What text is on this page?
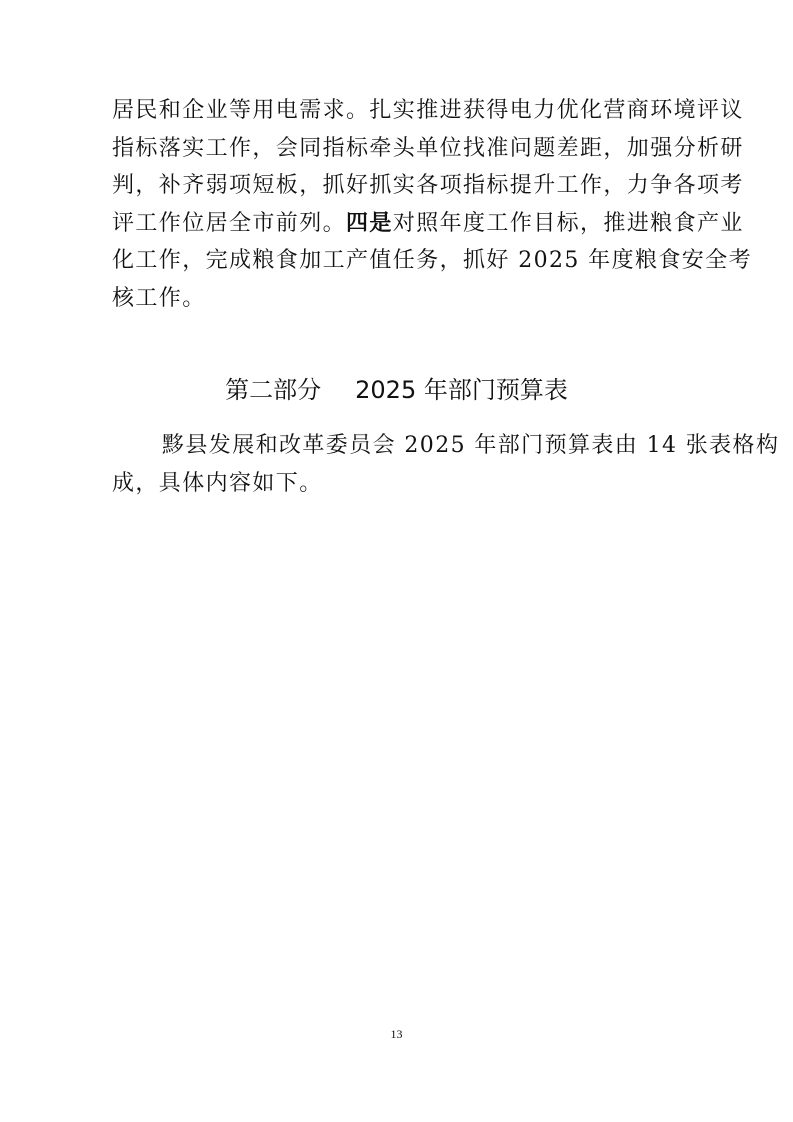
居民和企业等用电需求。扎实推进获得电力优化营商环境评议
指标落实工作，会同指标牵头单位找准问题差距，加强分析研
判，补齐弱项短板，抓好抓实各项指标提升工作，力争各项考
评工作位居全市前列。四是对照年度工作目标，推进粮食产业
化工作，完成粮食加工产值任务，抓好 2025 年度粮食安全考
核工作。

第二部分 2025 年部门预算表

黟县发展和改革委员会 2025 年部门预算表由 14 张表格构
成，具体内容如下。

13
